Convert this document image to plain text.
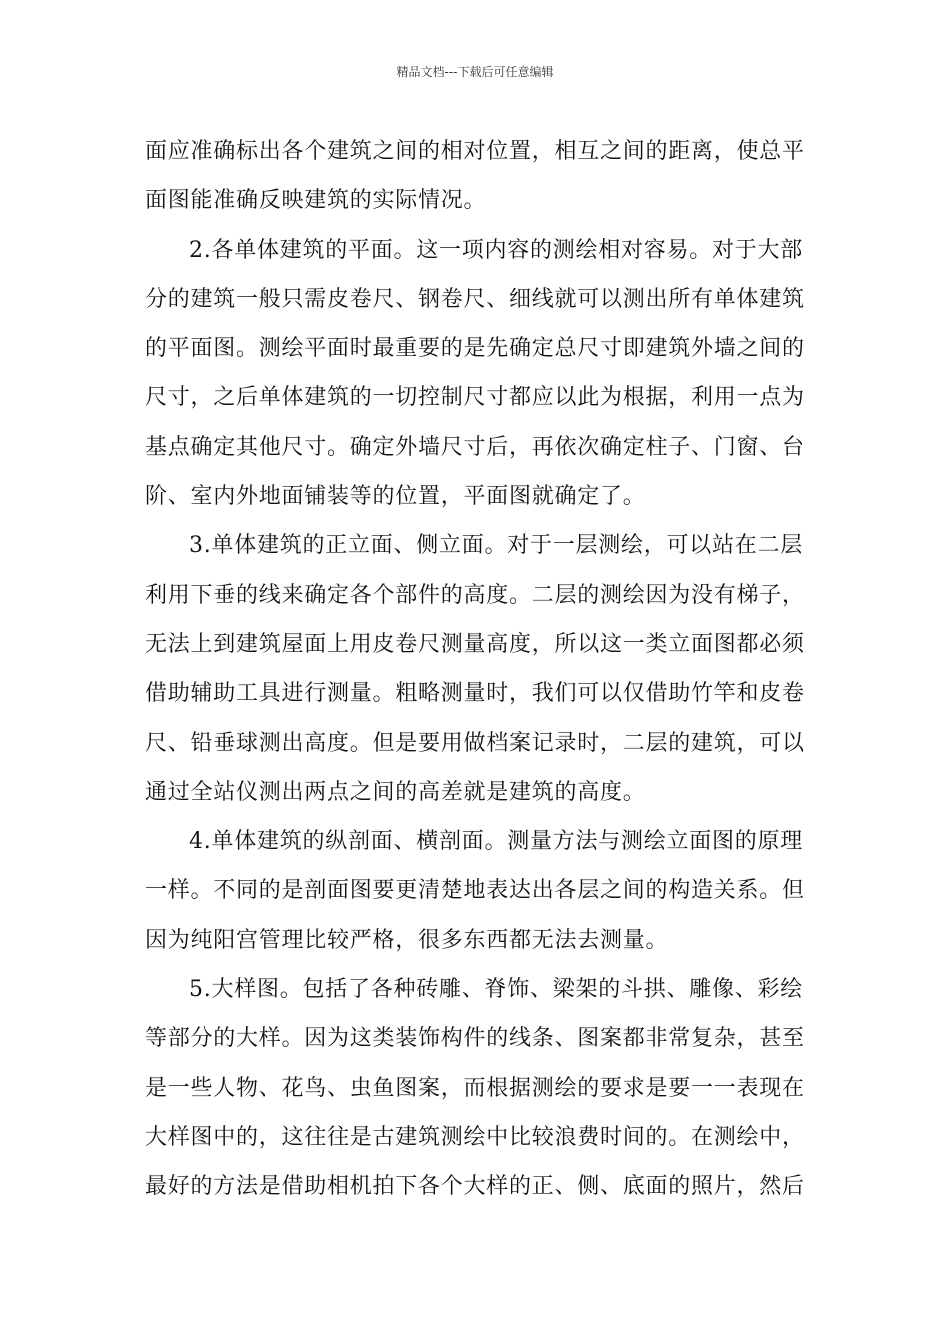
精品文档---下载后可任意编辑
面应准确标出各个建筑之间的相对位置，相互之间的距离，使总平
面图能准确反映建筑的实际情况。
2.各单体建筑的平面。这一项内容的测绘相对容易。对于大部
分的建筑一般只需皮卷尺、钢卷尺、细线就可以测出所有单体建筑
的平面图。测绘平面时最重要的是先确定总尺寸即建筑外墙之间的
尺寸，之后单体建筑的一切控制尺寸都应以此为根据，利用一点为
基点确定其他尺寸。确定外墙尺寸后，再依次确定柱子、门窗、台
阶、室内外地面铺装等的位置，平面图就确定了。
3.单体建筑的正立面、侧立面。对于一层测绘，可以站在二层
利用下垂的线来确定各个部件的高度。二层的测绘因为没有梯子，
无法上到建筑屋面上用皮卷尺测量高度，所以这一类立面图都必须
借助辅助工具进行测量。粗略测量时，我们可以仅借助竹竿和皮卷
尺、铅垂球测出高度。但是要用做档案记录时，二层的建筑，可以
通过全站仪测出两点之间的高差就是建筑的高度。
4.单体建筑的纵剖面、横剖面。测量方法与测绘立面图的原理
一样。不同的是剖面图要更清楚地表达出各层之间的构造关系。但
因为纯阳宫管理比较严格，很多东西都无法去测量。
5.大样图。包括了各种砖雕、脊饰、梁架的斗拱、雕像、彩绘
等部分的大样。因为这类装饰构件的线条、图案都非常复杂，甚至
是一些人物、花鸟、虫鱼图案，而根据测绘的要求是要一一表现在
大样图中的，这往往是古建筑测绘中比较浪费时间的。在测绘中，
最好的方法是借助相机拍下各个大样的正、侧、底面的照片，然后
